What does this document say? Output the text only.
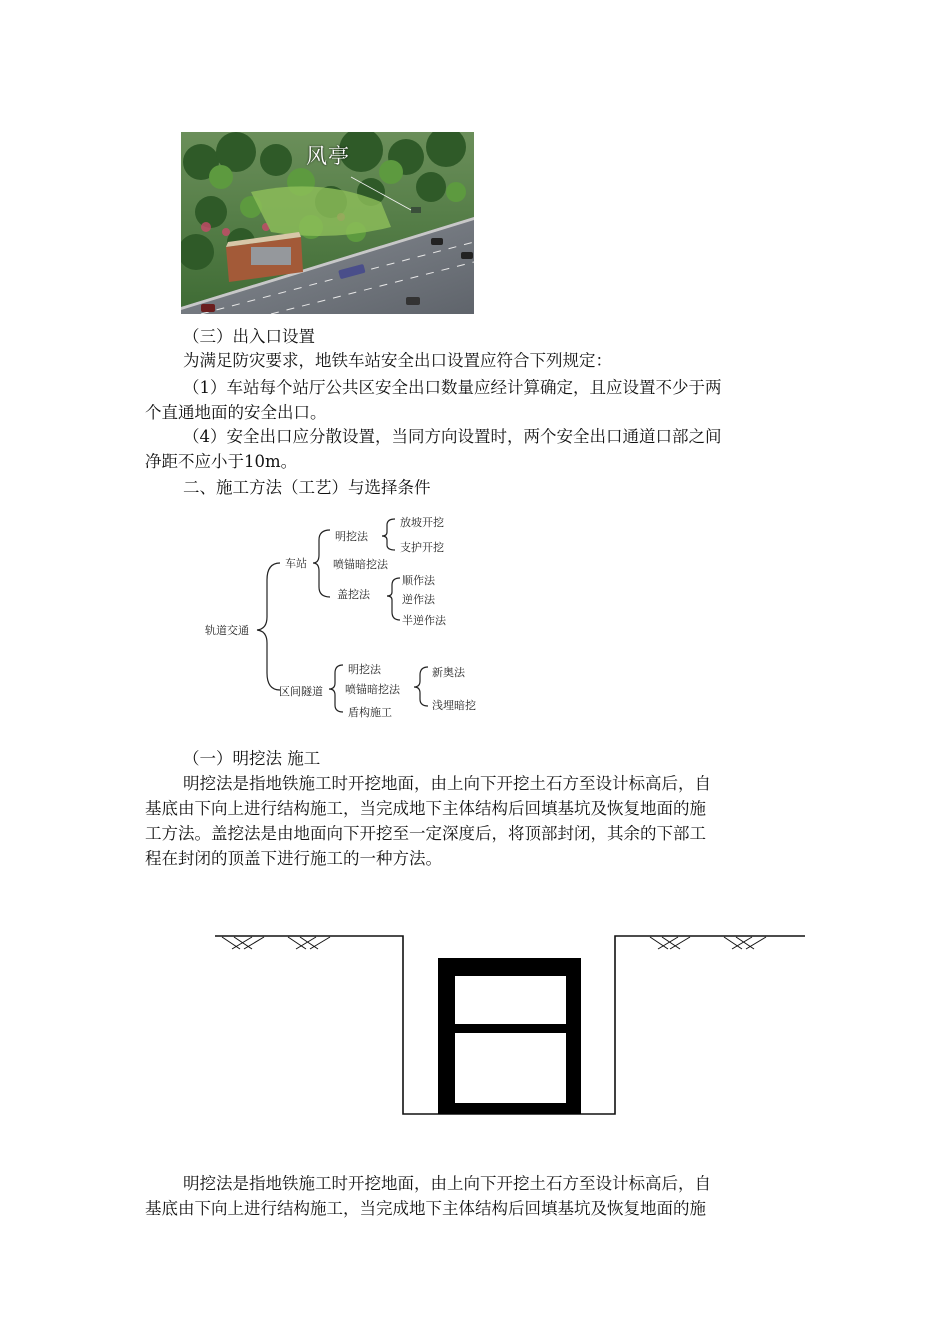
风亭
（三）出入口设置
为满足防灾要求，地铁车站安全出口设置应符合下列规定：
（1）车站每个站厅公共区安全出口数量应经计算确定，且应设置不少于两
个直通地面的安全出口。
（4）安全出口应分散设置，当同方向设置时，两个安全出口通道口部之间
净距不应小于10m。
二、施工方法（工艺）与选择条件
轨道交通
车站
明挖法
放坡开挖
支护开挖
喷锚暗挖法
盖挖法
顺作法
逆作法
半逆作法
区间隧道
明挖法
喷锚暗挖法
盾构施工
新奥法
浅埋暗挖
（一）明挖法 施工
明挖法是指地铁施工时开挖地面，由上向下开挖土石方至设计标高后，自
基底由下向上进行结构施工，当完成地下主体结构后回填基坑及恢复地面的施
工方法。盖挖法是由地面向下开挖至一定深度后，将顶部封闭，其余的下部工
程在封闭的顶盖下进行施工的一种方法。
明挖法是指地铁施工时开挖地面，由上向下开挖土石方至设计标高后，自
基底由下向上进行结构施工，当完成地下主体结构后回填基坑及恢复地面的施
